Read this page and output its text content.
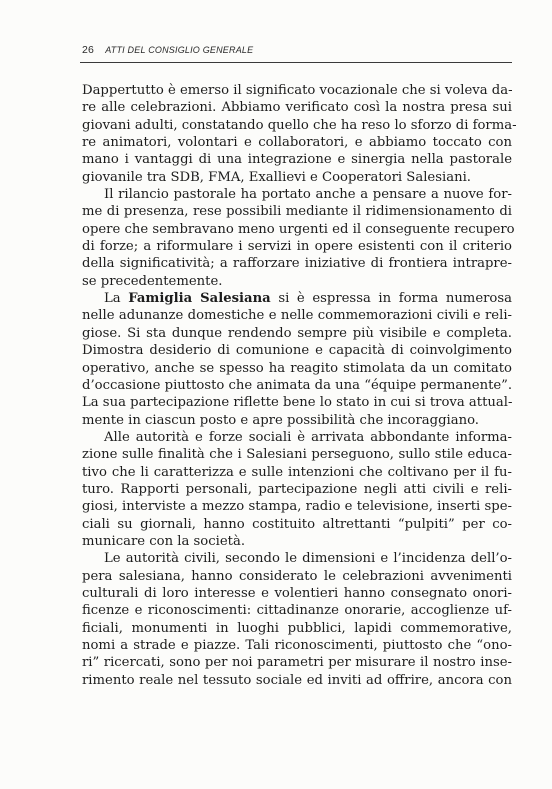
26 ATTI DEL CONSIGLIO GENERALE
Dappertutto è emerso il significato vocazionale che si voleva da-
re alle celebrazioni. Abbiamo verificato così la nostra presa sui
giovani adulti, constatando quello che ha reso lo sforzo di forma-
re animatori, volontari e collaboratori, e abbiamo toccato con
mano i vantaggi di una integrazione e sinergia nella pastorale
giovanile tra SDB, FMA, Exallievi e Cooperatori Salesiani.
Il rilancio pastorale ha portato anche a pensare a nuove for-
me di presenza, rese possibili mediante il ridimensionamento di
opere che sembravano meno urgenti ed il conseguente recupero
di forze; a riformulare i servizi in opere esistenti con il criterio
della significatività; a rafforzare iniziative di frontiera intrapre-
se precedentemente.
La Famiglia Salesiana si è espressa in forma numerosa
nelle adunanze domestiche e nelle commemorazioni civili e reli-
giose. Si sta dunque rendendo sempre più visibile e completa.
Dimostra desiderio di comunione e capacità di coinvolgimento
operativo, anche se spesso ha reagito stimolata da un comitato
d’occasione piuttosto che animata da una “équipe permanente”.
La sua partecipazione riflette bene lo stato in cui si trova attual-
mente in ciascun posto e apre possibilità che incoraggiano.
Alle autorità e forze sociali è arrivata abbondante informa-
zione sulle finalità che i Salesiani perseguono, sullo stile educa-
tivo che li caratterizza e sulle intenzioni che coltivano per il fu-
turo. Rapporti personali, partecipazione negli atti civili e reli-
giosi, interviste a mezzo stampa, radio e televisione, inserti spe-
ciali su giornali, hanno costituito altrettanti “pulpiti” per co-
municare con la società.
Le autorità civili, secondo le dimensioni e l’incidenza dell’o-
pera salesiana, hanno considerato le celebrazioni avvenimenti
culturali di loro interesse e volentieri hanno consegnato onori-
ficenze e riconoscimenti: cittadinanze onorarie, accoglienze uf-
ficiali, monumenti in luoghi pubblici, lapidi commemorative,
nomi a strade e piazze. Tali riconoscimenti, piuttosto che “ono-
ri” ricercati, sono per noi parametri per misurare il nostro inse-
rimento reale nel tessuto sociale ed inviti ad offrire, ancora con
